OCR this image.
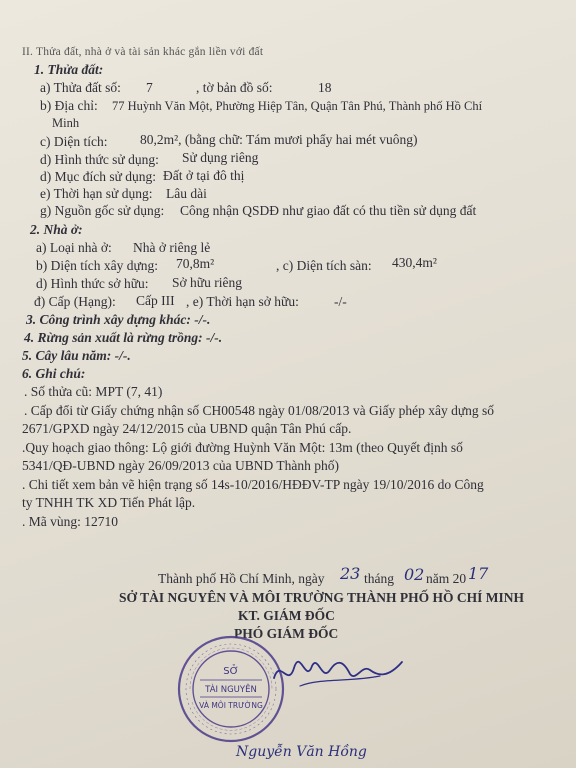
II. Thửa đất, nhà ở và tài sản khác gắn liền với đất
1. Thửa đất:
a) Thửa đất số: 7	, tờ bản đồ số:	18
b) Địa chỉ: 77 Huỳnh Văn Một, Phường Hiệp Tân, Quận Tân Phú, Thành phố Hồ Chí
Minh
c) Diện tích: 80,2m², (bằng chữ: Tám mươi phẩy hai mét vuông)
d) Hình thức sử dụng: Sử dụng riêng
d) Mục đích sử dụng: Đất ở tại đô thị
e) Thời hạn sử dụng: Lâu dài
g) Nguồn gốc sử dụng: Công nhận QSDĐ như giao đất có thu tiền sử dụng đất
2. Nhà ở:
a) Loại nhà ở: Nhà ở riêng lẻ
b) Diện tích xây dựng: 70,8m²	, c) Diện tích sàn: 430,4m²
d) Hình thức sở hữu: Sở hữu riêng
đ) Cấp (Hạng): Cấp III , e) Thời hạn sở hữu:	-/-
3. Công trình xây dựng khác: -/-.
4. Rừng sản xuất là rừng trồng: -/-.
5. Cây lâu năm: -/-.
6. Ghi chú:
. Số thửa cũ: MPT (7, 41)
. Cấp đổi từ Giấy chứng nhận số CH00548 ngày 01/08/2013 và Giấy phép xây dựng số
2671/GPXD ngày 24/12/2015 của UBND quận Tân Phú cấp.
.Quy hoạch giao thông: Lộ giới đường Huỳnh Văn Một: 13m (theo Quyết định số
5341/QĐ-UBND ngày 26/09/2013 của UBND Thành phố)
. Chi tiết xem bản vẽ hiện trạng số 14s-10/2016/HĐĐV-TP ngày 19/10/2016 do Công
ty TNHH TK XD Tiến Phát lập.
. Mã vùng: 12710
Thành phố Hồ Chí Minh, ngày 23 tháng 02 năm 20 17
SỞ TÀI NGUYÊN VÀ MÔI TRƯỜNG THÀNH PHỐ HỒ CHÍ MINH
KT. GIÁM ĐỐC
PHÓ GIÁM ĐỐC
SỞ
TÀI NGUYÊN
VÀ MÔI TRƯỜNG
Nguyễn Văn Hồng
